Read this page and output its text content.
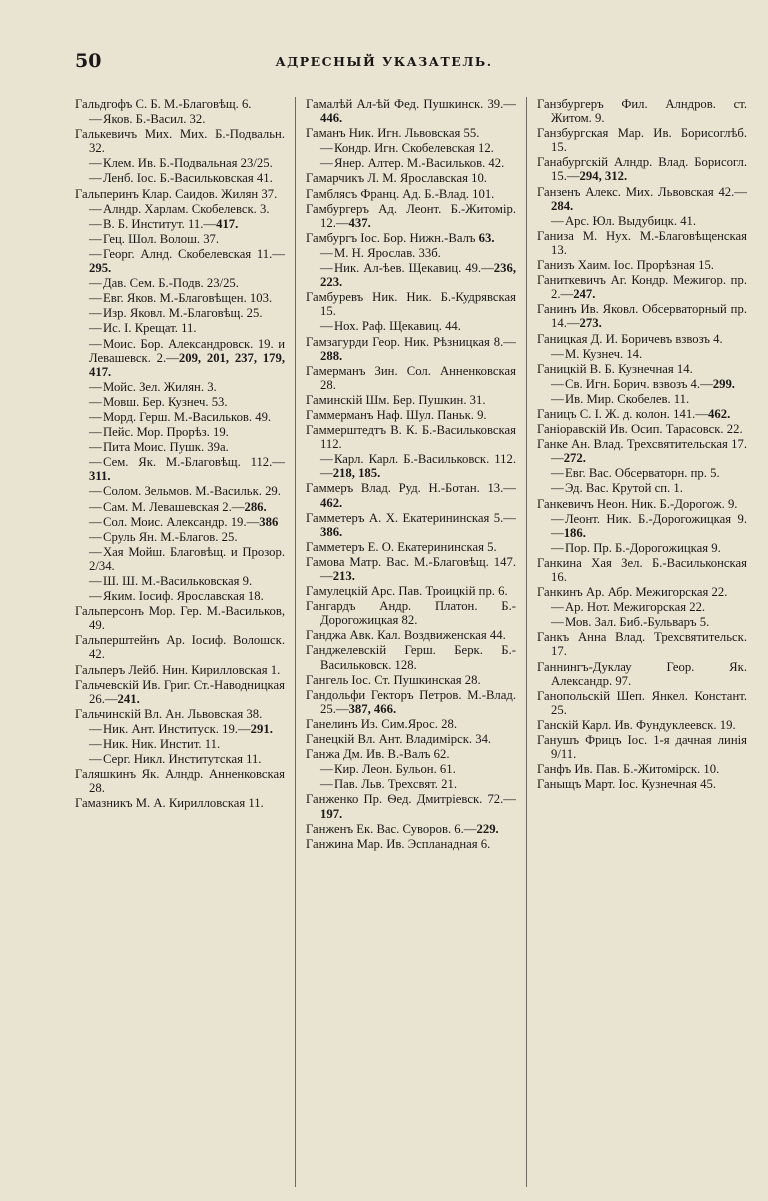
50	АДРЕСНЫЙ УКАЗАТЕЛЬ.
Гальдгофъ С. Б. М.-Благовѣщ. 6.
—Яков. Б.-Васил. 32.
Галькевичъ Мих. Мих. Б.-Подвальн. 32.
—Клем. Ив. Б.-Подвальная 23/25.
—Ленб. Іос. Б.-Васильковская 41.
Гальперинъ Клар. Саидов. Жилян 37.
—Алндр. Харлам. Скобелевск. 3.
—В. Б. Институт. 11.—417.
—Гец. Шол. Волош. 37.
—Георг. Алнд. Скобелевская 11.—295.
—Дав. Сем. Б.-Подв. 23/25.
—Евг. Яков. М.-Благовѣщен. 103.
—Изр. Яковл. М.-Благовѣщ. 25.
—Ис. І. Крещат. 11.
—Моис. Бор. Александровск. 19. и Левашевск. 2.—209, 201, 237, 179, 417.
—Мойс. Зел. Жилян. 3.
—Мовш. Бер. Кузнеч. 53.
—Морд. Герш. М.-Васильков. 49.
—Пейс. Мор. Прорѣз. 19.
—Пита Моис. Пушк. 39а.
—Сем. Як. М.-Благовѣщ. 112.—311.
—Солом. Зельмов. М.-Васильк. 29.
—Сам. М. Левашевская 2.—286.
—Сол. Моис. Александр. 19.—386
—Сруль Ян. М.-Благов. 25.
—Хая Мойш. Благовѣщ. и Прозор. 2/34.
—Ш. Ш. М.-Васильковская 9.
—Яким. Іосиф. Ярославская 18.
Гальперсонъ Мор. Гер. М.-Васильков, 49.
Гальперштейнъ Ар. Іосиф. Волошск. 42.
Гальперъ Лейб. Нин. Кирилловская 1.
Гальчевскій Ив. Григ. Ст.-Наводницкая 26.—241.
Гальчинскій Вл. Ан. Львовская 38.
—Ник. Ант. Институск. 19.—291.
—Ник. Ник. Инстит. 11.
—Серг. Никл. Институтская 11.
Галяшкинъ Як. Алндр. Анненковская 28.
Гамазникъ М. А. Кирилловская 11.
Гамалѣй Ал-ѣй Фед. Пушкинск. 39.—446.
Гаманъ Ник. Игн. Львовская 55.
—Кондр. Игн. Скобелевская 12.
—Янер. Алтер. М.-Васильков. 42.
Гамарчикъ Л. М. Ярославская 10.
Гамблясъ Франц. Ад. Б.-Влад. 101.
Гамбургеръ Ад. Леонт. Б.-Житомір. 12.—437.
Гамбургъ Іос. Бор. Нижн.-Валъ 63.
—М. Н. Ярослав. 33б.
—Ник. Ал-ѣев. Щекавиц. 49.—236, 223.
Гамбуревъ Ник. Ник. Б.-Кудрявская 15.
—Нох. Раф. Щекавиц. 44.
Гамзагурди Геор. Ник. Рѣзницкая 8.—288.
Гамерманъ Зин. Сол. Анненковская 28.
Гаминскій Шм. Бер. Пушкин. 31.
Гаммерманъ Наф. Шул. Паньк. 9.
Гаммерштедтъ В. К. Б.-Васильковская 112.
—Карл. Карл. Б.-Васильковск. 112.—218, 185.
Гаммеръ Влад. Руд. Н.-Ботан. 13.—462.
Гамметеръ А. Х. Екатерининская 5.—386.
Гамметеръ Е. О. Екатерининская 5.
Гамова Матр. Вас. М.-Благовѣщ. 147.—213.
Гамулецкій Арс. Пав. Троицкій пр. 6.
Гангардъ Андр. Платон. Б.-Дорогожицкая 82.
Ганджа Авк. Кал. Воздвиженская 44.
Ганджелевскій Герш. Берк. Б.-Васильковск. 128.
Гангель Іос. Ст. Пушкинская 28.
Гандольфи Гекторъ Петров. М.-Влад. 25.—387, 466.
Ганелинъ Из. Сим.Ярос. 28.
Ганецкій Вл. Ант. Владимірск. 34.
Ганжа Дм. Ив. В.-Валъ 62.
—Кир. Леон. Бульон. 61.
—Пав. Льв. Трехсвят. 21.
Ганженко Пр. Ѳед. Дмитріевск. 72.—197.
Ганженъ Ек. Вас. Суворов. 6.—229.
Ганжина Мар. Ив. Эспланадная 6.
Ганзбургеръ Фил. Алндров. ст. Житом. 9.
Ганзбургская Мар. Ив. Борисоглѣб. 15.
Ганабургскій Алндр. Влад. Борисогл. 15.—294, 312.
Ганзенъ Алекс. Мих. Львовская 42.—284.
—Арс. Юл. Выдубицк. 41.
Ганиза М. Нух. М.-Благовѣщенская 13.
Ганизъ Хаим. Іос. Прорѣзная 15.
Ганиткевичъ Аг. Кондр. Межигор. пр. 2.—247.
Ганинъ Ив. Яковл. Обсерваторный пр. 14.—273.
Ганицкая Д. И. Боричевъ взвозъ 4.
—М. Кузнеч. 14.
Ганицкій В. Б. Кузнечная 14.
—Св. Игн. Борич. взвозъ 4.—299.
—Ив. Мир. Скобелев. 11.
Ганицъ С. І. Ж. д. колон. 141.—462.
Ганіоравскій Ив. Осип. Тарасовск. 22.
Ганке Ан. Влад. Трехсвятительская 17.—272.
—Евг. Вас. Обсерваторн. пр. 5.
—Эд. Вас. Крутой сп. 1.
Ганкевичъ Неон. Ник. Б.-Дорогож. 9.
—Леонт. Ник. Б.-Дорогожицкая 9.—186.
—Пор. Пр. Б.-Дорогожицкая 9.
Ганкина Хая Зел. Б.-Васильконская 16.
Ганкинъ Ар. Абр. Межигорская 22.
—Ар. Нот. Межигорская 22.
—Мов. Зал. Биб.-Бульваръ 5.
Ганкъ Анна Влад. Трехсвятительск. 17.
Ганнингъ-Дуклау Геор. Як. Александр. 97.
Ганопольскій Шеп. Янкел. Констант. 25.
Ганскій Карл. Ив. Фундуклеевск. 19.
Ганушъ Фрицъ Іос. 1-я дачная линія 9/11.
Ганфъ Ив. Пав. Б.-Житомірск. 10.
Ганыщъ Март. Іос. Кузнечная 45.
